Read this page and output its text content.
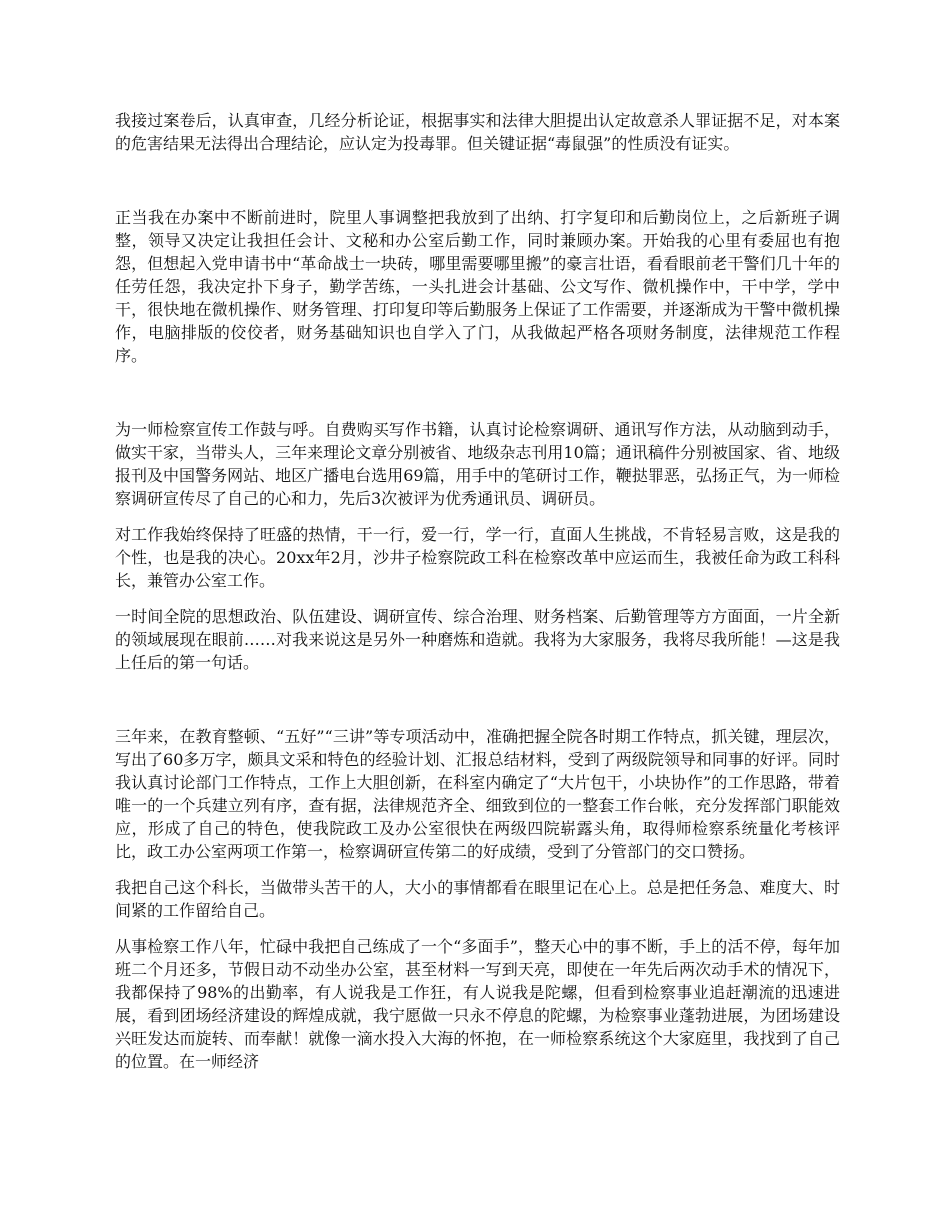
我接过案卷后，认真审查，几经分析论证，根据事实和法律大胆提出认定故意杀人罪证据不足，对本案的危害结果无法得出合理结论，应认定为投毒罪。但关键证据“毒鼠强”的性质没有证实。

正当我在办案中不断前进时，院里人事调整把我放到了出纳、打字复印和后勤岗位上，之后新班子调整，领导又决定让我担任会计、文秘和办公室后勤工作，同时兼顾办案。开始我的心里有委屈也有抱怨，但想起入党申请书中“革命战士一块砖，哪里需要哪里搬”的豪言壮语，看看眼前老干警们几十年的任劳任怨，我决定扑下身子，勤学苦练，一头扎进会计基础、公文写作、微机操作中，干中学，学中干，很快地在微机操作、财务管理、打印复印等后勤服务上保证了工作需要，并逐渐成为干警中微机操作，电脑排版的佼佼者，财务基础知识也自学入了门，从我做起严格各项财务制度，法律规范工作程序。

为一师检察宣传工作鼓与呼。自费购买写作书籍，认真讨论检察调研、通讯写作方法，从动脑到动手，做实干家，当带头人，三年来理论文章分别被省、地级杂志刊用10篇；通讯稿件分别被国家、省、地级报刊及中国警务网站、地区广播电台选用69篇，用手中的笔研讨工作，鞭挞罪恶，弘扬正气，为一师检察调研宣传尽了自己的心和力，先后3次被评为优秀通讯员、调研员。

对工作我始终保持了旺盛的热情，干一行，爱一行，学一行，直面人生挑战，不肯轻易言败，这是我的个性，也是我的决心。20xx年2月，沙井子检察院政工科在检察改革中应运而生，我被任命为政工科科长，兼管办公室工作。

一时间全院的思想政治、队伍建设、调研宣传、综合治理、财务档案、后勤管理等方方面面，一片全新的领域展现在眼前……对我来说这是另外一种磨炼和造就。我将为大家服务，我将尽我所能！—这是我上任后的第一句话。

三年来，在教育整顿、“五好”“三讲”等专项活动中，准确把握全院各时期工作特点，抓关键，理层次，写出了60多万字，颇具文采和特色的经验计划、汇报总结材料，受到了两级院领导和同事的好评。同时我认真讨论部门工作特点，工作上大胆创新，在科室内确定了“大片包干，小块协作”的工作思路，带着唯一的一个兵建立列有序，查有据，法律规范齐全、细致到位的一整套工作台帐，充分发挥部门职能效应，形成了自己的特色，使我院政工及办公室很快在两级四院崭露头角，取得师检察系统量化考核评比，政工办公室两项工作第一，检察调研宣传第二的好成绩，受到了分管部门的交口赞扬。

我把自己这个科长，当做带头苦干的人，大小的事情都看在眼里记在心上。总是把任务急、难度大、时间紧的工作留给自己。

从事检察工作八年，忙碌中我把自己练成了一个“多面手”，整天心中的事不断，手上的活不停，每年加班二个月还多，节假日动不动坐办公室，甚至材料一写到天亮，即使在一年先后两次动手术的情况下，我都保持了98%的出勤率，有人说我是工作狂，有人说我是陀螺，但看到检察事业追赶潮流的迅速进展，看到团场经济建设的辉煌成就，我宁愿做一只永不停息的陀螺，为检察事业蓬勃进展，为团场建设兴旺发达而旋转、而奉献！就像一滴水投入大海的怀抱，在一师检察系统这个大家庭里，我找到了自己的位置。在一师经济
